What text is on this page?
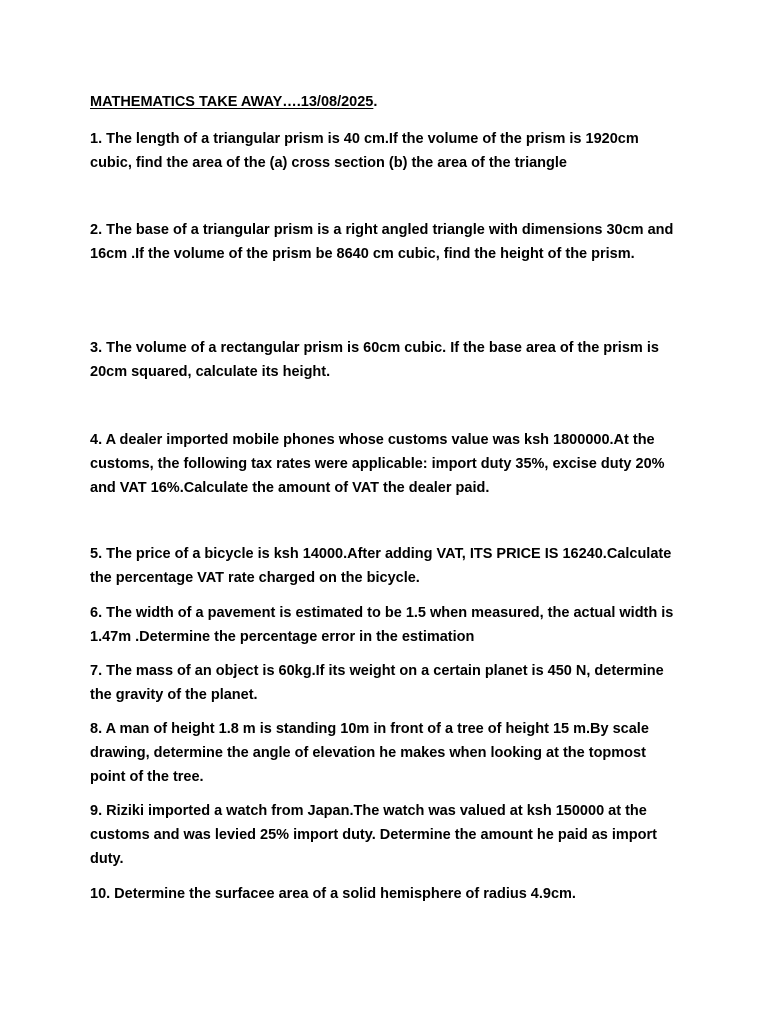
MATHEMATICS TAKE AWAY….13/08/2025.

1. The length of a triangular prism is 40 cm.If the volume of the prism is 1920cm cubic, find the area of the (a) cross section (b) the area of the triangle

2. The base of a triangular prism is a right angled triangle with dimensions 30cm and 16cm .If the volume of the prism be 8640 cm cubic, find the height of the prism.

3. The volume of a rectangular prism is 60cm cubic. If the base area of the prism is 20cm squared, calculate its height.

4. A dealer imported mobile phones whose customs value was ksh 1800000.At the customs, the following tax rates were applicable: import duty 35%, excise duty 20% and VAT 16%.Calculate the amount of VAT the dealer paid.

5. The price of a bicycle is ksh 14000.After adding VAT, ITS PRICE IS 16240.Calculate the percentage VAT rate charged on the bicycle.

6. The width of a pavement is estimated to be 1.5 when measured, the actual width is 1.47m .Determine the percentage error in the estimation

7. The mass of an object is 60kg.If its weight on a certain planet is 450 N, determine the gravity of the planet.

8. A man of height 1.8 m is standing 10m in front of a tree of height 15 m.By scale drawing, determine the angle of elevation he makes when looking at the topmost point of the tree.

9. Riziki imported a watch from Japan.The watch was valued at ksh 150000 at the customs and was levied 25% import duty. Determine the amount he paid as import duty.

10. Determine the surfacee area of a solid hemisphere of radius 4.9cm.
